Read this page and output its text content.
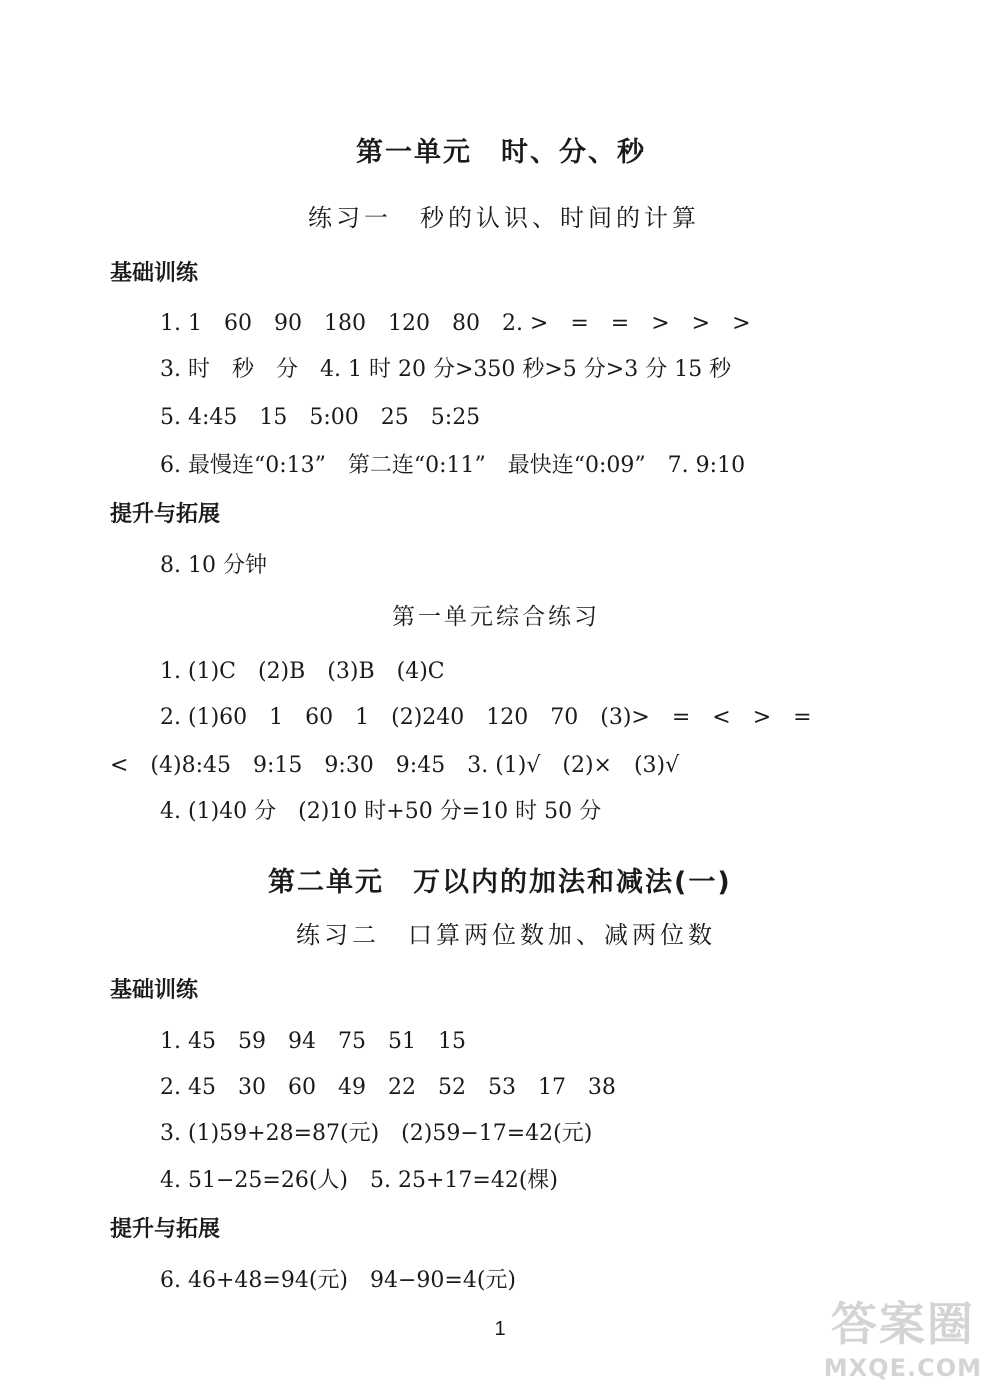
第一单元　时、分、秒
练习一　秒的认识、时间的计算
基础训练
1. 1　60　90　180　120　80　2. >　=　=　>　>　>
3. 时　秒　分　4. 1 时 20 分>350 秒>5 分>3 分 15 秒
5. 4:45　15　5:00　25　5:25
6. 最慢连“0:13”　第二连“0:11”　最快连“0:09”　7. 9:10
提升与拓展
8. 10 分钟
第一单元综合练习
1. (1)C　(2)B　(3)B　(4)C
2. (1)60　1　60　1　(2)240　120　70　(3)>　=　<　>　=
<　(4)8:45　9:15　9:30　9:45　3. (1)√　(2)×　(3)√
4. (1)40 分　(2)10 时+50 分=10 时 50 分
第二单元　万以内的加法和减法(一)
练习二　口算两位数加、减两位数
基础训练
1. 45　59　94　75　51　15
2. 45　30　60　49　22　52　53　17　38
3. (1)59+28=87(元)　(2)59−17=42(元)
4. 51−25=26(人)　5. 25+17=42(棵)
提升与拓展
6. 46+48=94(元)　94−90=4(元)
1	答案圈
MXQE.COM
